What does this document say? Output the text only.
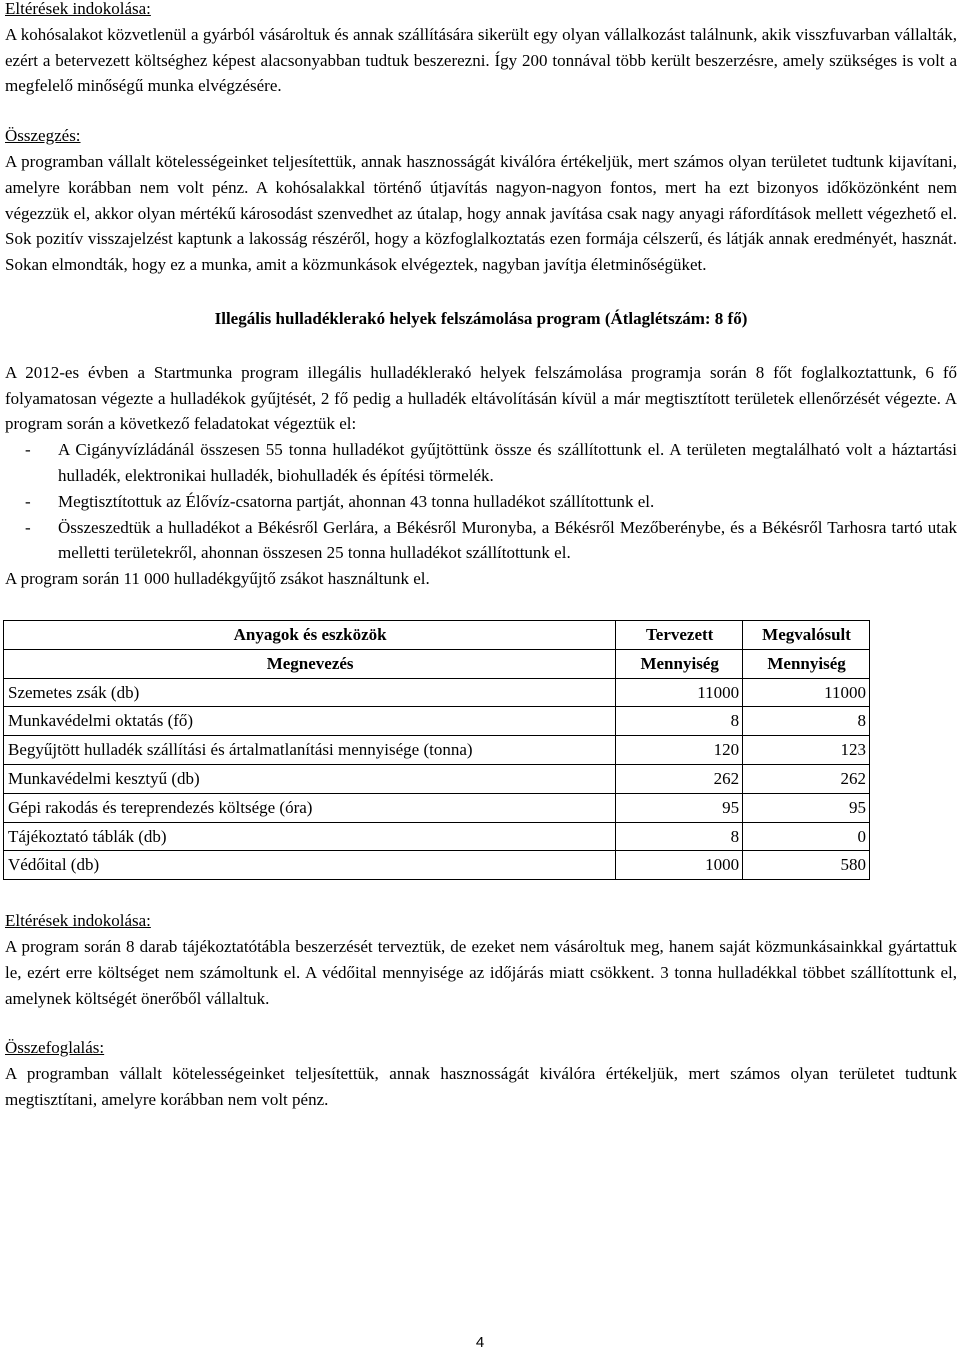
Eltérések indokolása:

A kohósalakot közvetlenül a gyárból vásároltuk és annak szállítására sikerült egy olyan vállalkozást találnunk, akik visszfuvarban vállalták, ezért a betervezett költséghez képest alacsonyabban tudtuk beszerezni. Így 200 tonnával több került beszerzésre, amely szükséges is volt a megfelelő minőségű munka elvégzésére.

Összegzés:

A programban vállalt kötelességeinket teljesítettük, annak hasznosságát kiválóra értékeljük, mert számos olyan területet tudtunk kijavítani, amelyre korábban nem volt pénz. A kohósalakkal történő útjavítás nagyon-nagyon fontos, mert ha ezt bizonyos időközönként nem végezzük el, akkor olyan mértékű károsodást szenvedhet az útalap, hogy annak javítása csak nagy anyagi ráfordítások mellett végezhető el. Sok pozitív visszajelzést kaptunk a lakosság részéről, hogy a közfoglalkoztatás ezen formája célszerű, és látják annak eredményét, hasznát. Sokan elmondták, hogy ez a munka, amit a közmunkások elvégeztek, nagyban javítja életminőségüket.

Illegális hulladéklerakó helyek felszámolása program (Átlaglétszám: 8 fő)

A 2012-es évben a Startmunka program illegális hulladéklerakó helyek felszámolása programja során 8 főt foglalkoztattunk, 6 fő folyamatosan végezte a hulladékok gyűjtését, 2 fő pedig a hulladék eltávolításán kívül a már megtisztított területek ellenőrzését végezte. A program során a következő feladatokat végeztük el:

- A Cigányvízládánál összesen 55 tonna hulladékot gyűjtöttünk össze és szállítottunk el. A területen megtalálható volt a háztartási hulladék, elektronikai hulladék, biohulladék és építési törmelék.
- Megtisztítottuk az Élővíz-csatorna partját, ahonnan 43 tonna hulladékot szállítottunk el.
- Összeszedtük a hulladékot a Békésről Gerlára, a Békésről Muronyba, a Békésről Mezőberénybe, és a Békésről Tarhosra tartó utak melletti területekről, ahonnan összesen 25 tonna hulladékot szállítottunk el.

A program során 11 000 hulladékgyűjtő zsákot használtunk el.

Anyagok és eszközök	Tervezett	Megvalósult
Megnevezés	Mennyiség	Mennyiség
Szemetes zsák (db)	11000	11000
Munkavédelmi oktatás (fő)	8	8
Begyűjtött hulladék szállítási és ártalmatlanítási mennyisége (tonna)	120	123
Munkavédelmi kesztyű (db)	262	262
Gépi rakodás és tereprendezés költsége (óra)	95	95
Tájékoztató táblák (db)	8	0
Védőital (db)	1000	580

Eltérések indokolása:

A program során 8 darab tájékoztatótábla beszerzését terveztük, de ezeket nem vásároltuk meg, hanem saját közmunkásainkkal gyártattuk le, ezért erre költséget nem számoltunk el. A védőital mennyisége az időjárás miatt csökkent. 3 tonna hulladékkal többet szállítottunk el, amelynek költségét önerőből vállaltuk.

Összefoglalás:

A programban vállalt kötelességeinket teljesítettük, annak hasznosságát kiválóra értékeljük, mert számos olyan területet tudtunk megtisztítani, amelyre korábban nem volt pénz.

4
